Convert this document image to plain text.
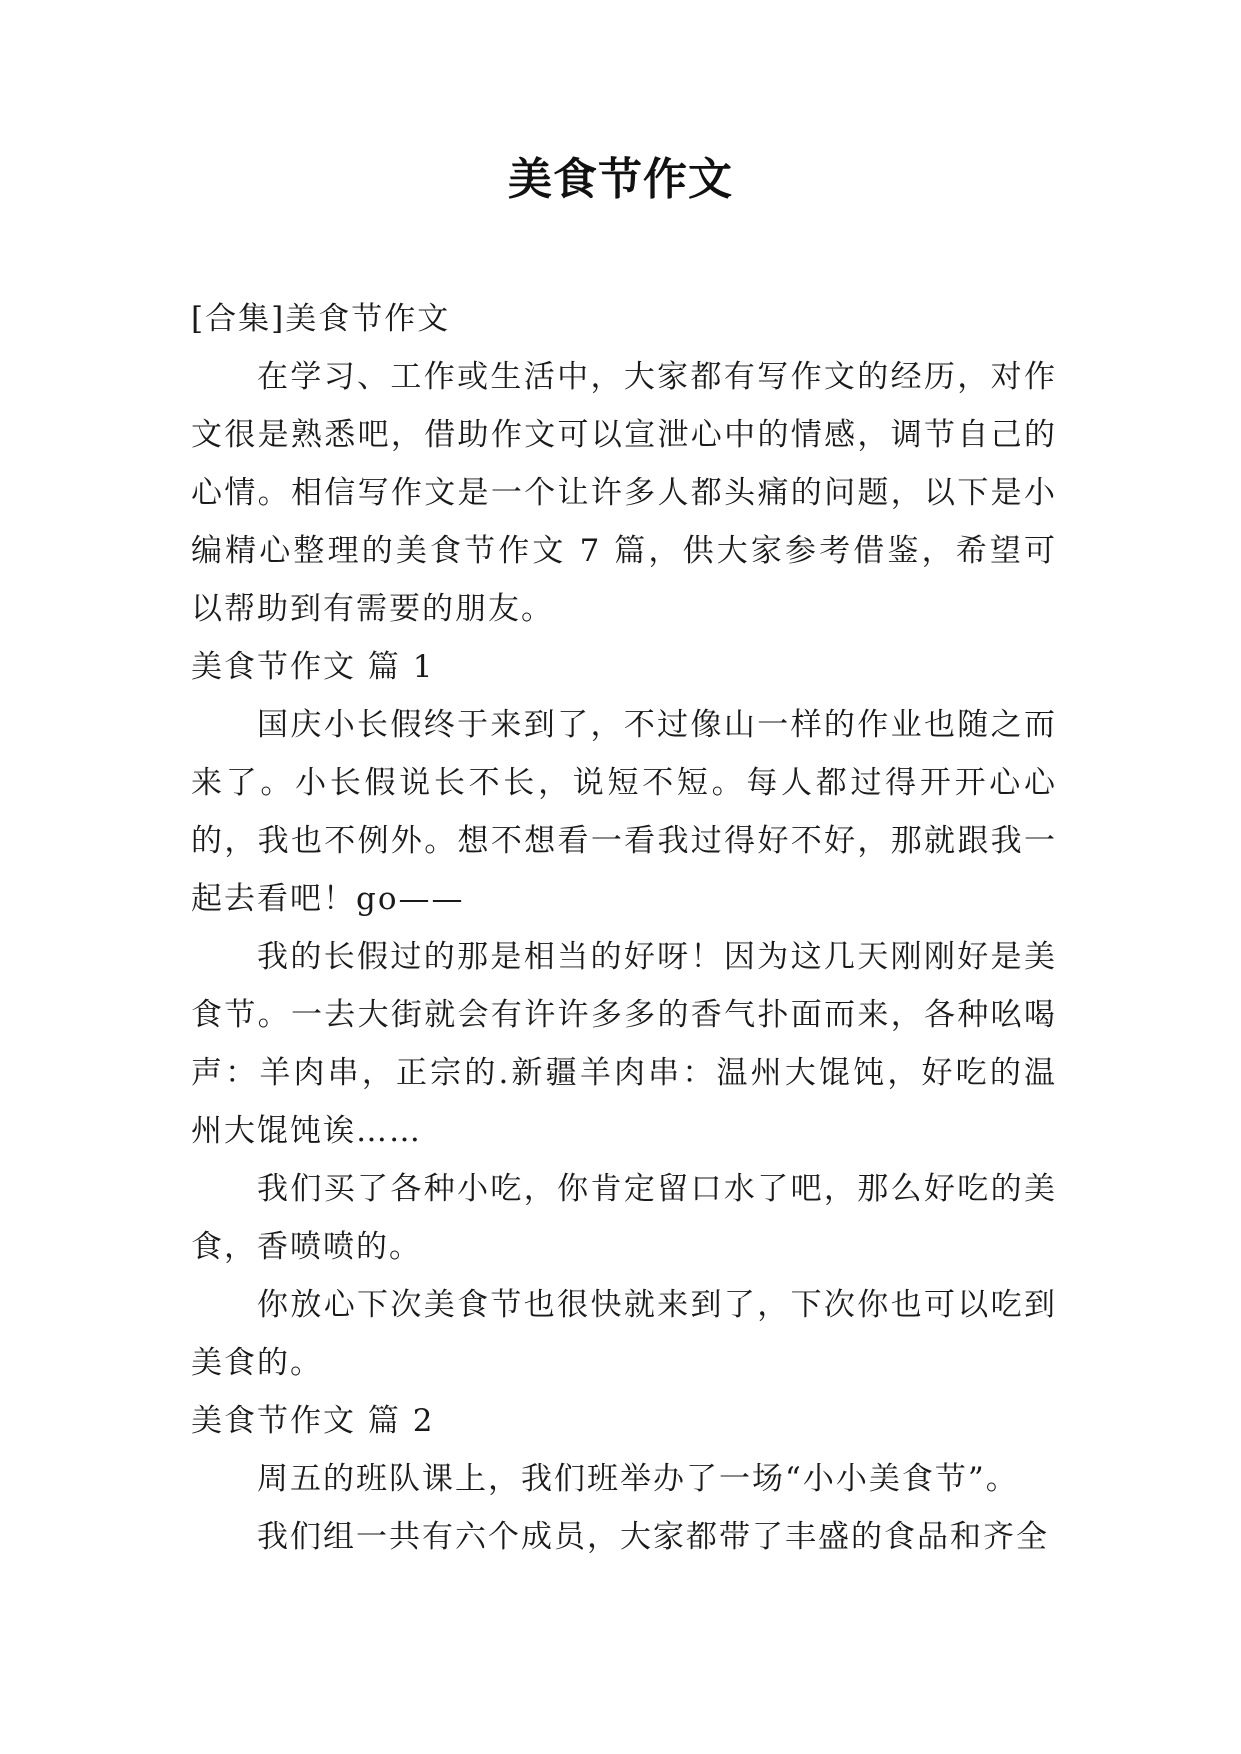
美食节作文

[合集]美食节作文

在学习、工作或生活中，大家都有写作文的经历，对作文很是熟悉吧，借助作文可以宣泄心中的情感，调节自己的心情。相信写作文是一个让许多人都头痛的问题，以下是小编精心整理的美食节作文 7 篇，供大家参考借鉴，希望可以帮助到有需要的朋友。

美食节作文 篇 1

国庆小长假终于来到了，不过像山一样的作业也随之而来了。小长假说长不长，说短不短。每人都过得开开心心的，我也不例外。想不想看一看我过得好不好，那就跟我一起去看吧！go——

我的长假过的那是相当的好呀！因为这几天刚刚好是美食节。一去大街就会有许许多多的香气扑面而来，各种吆喝声：羊肉串，正宗的.新疆羊肉串：温州大馄饨，好吃的温州大馄饨诶……

我们买了各种小吃，你肯定留口水了吧，那么好吃的美食，香喷喷的。

你放心下次美食节也很快就来到了，下次你也可以吃到美食的。

美食节作文 篇 2

周五的班队课上，我们班举办了一场“小小美食节”。

我们组一共有六个成员，大家都带了丰盛的食品和齐全
